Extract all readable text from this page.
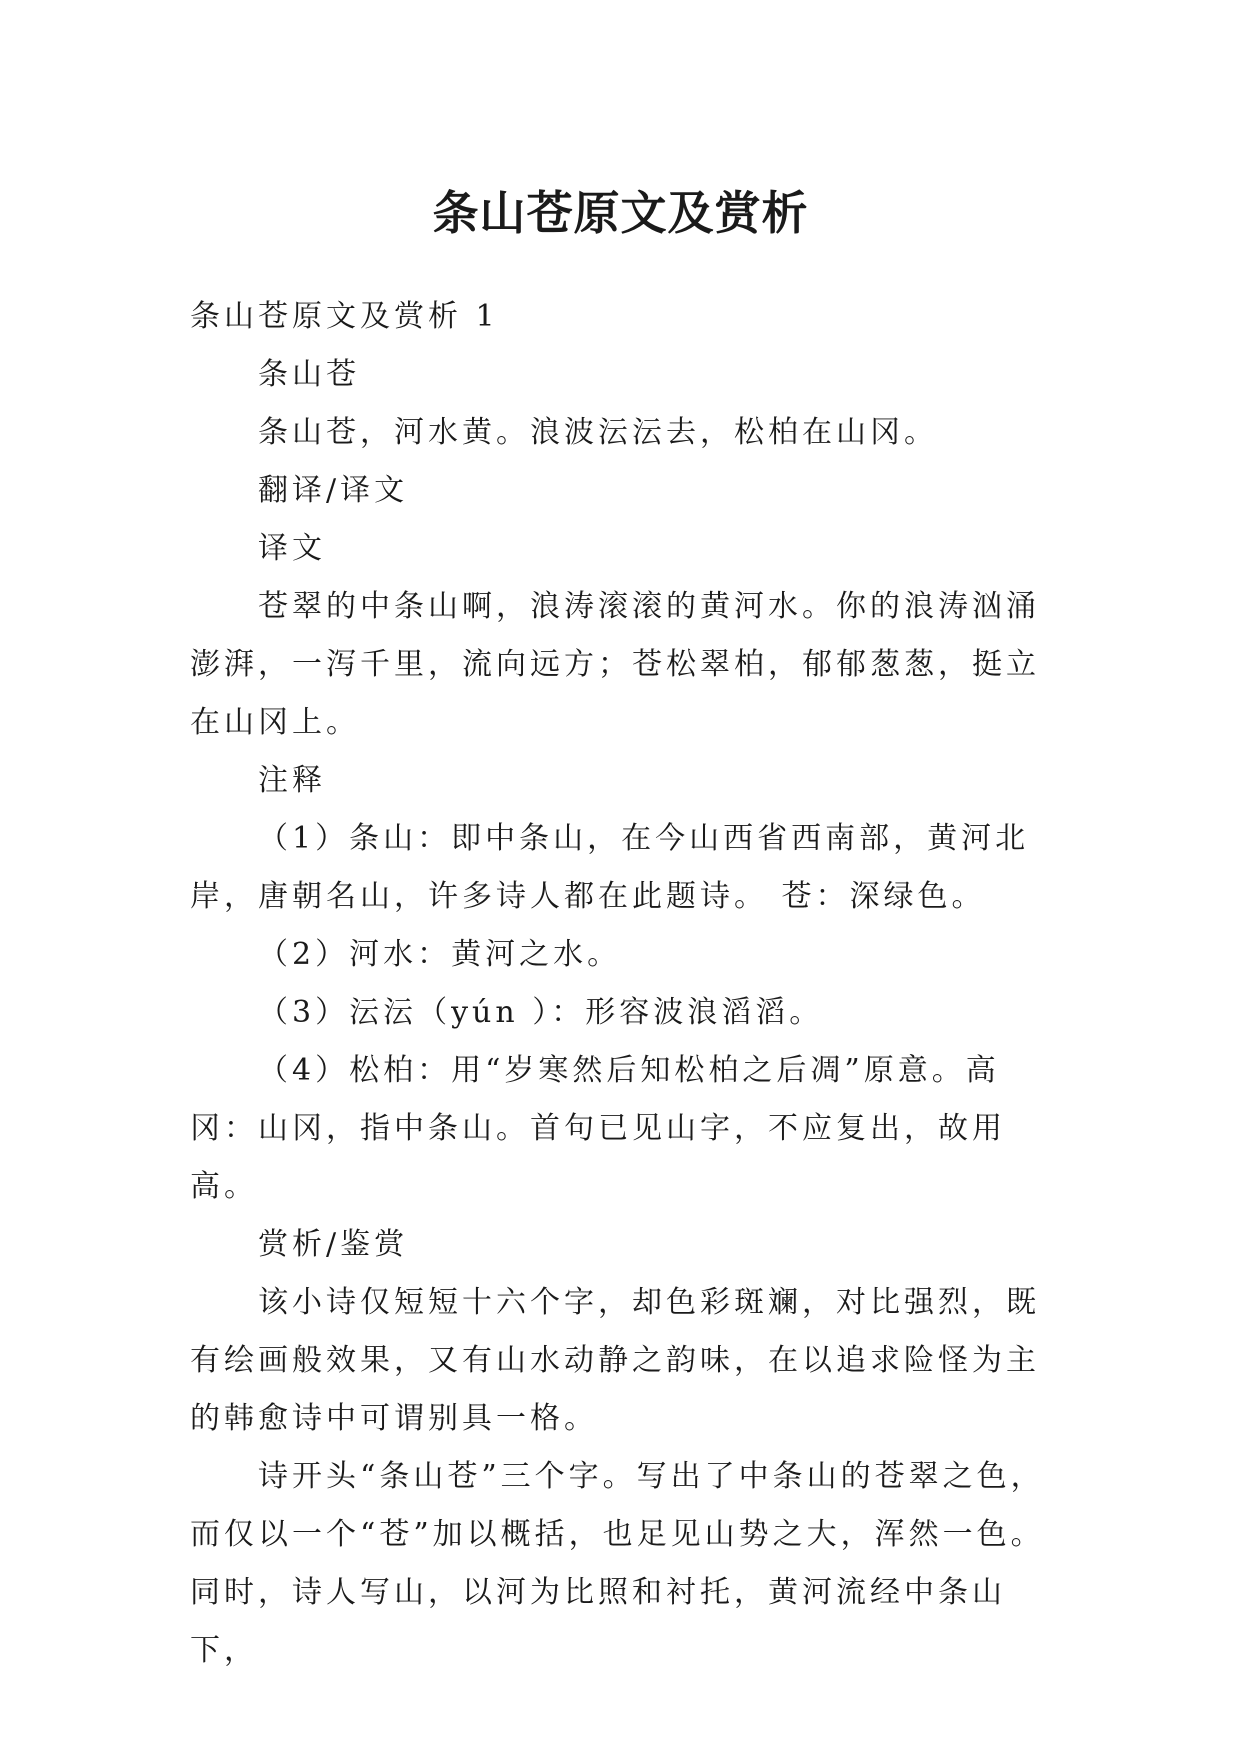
条山苍原文及赏析

条山苍原文及赏析 1

条山苍

条山苍，河水黄。浪波沄沄去，松柏在山冈。

翻译/译文

译文

苍翠的中条山啊，浪涛滚滚的黄河水。你的浪涛汹涌澎湃，一泻千里，流向远方；苍松翠柏，郁郁葱葱，挺立在山冈上。

注释

（1）条山：即中条山，在今山西省西南部，黄河北岸，唐朝名山，许多诗人都在此题诗。 苍：深绿色。

（2）河水：黄河之水。

（3）沄沄（yún ）：形容波浪滔滔。

（4）松柏：用“岁寒然后知松柏之后凋”原意。高冈：山冈，指中条山。首句已见山字，不应复出，故用高。

赏析/鉴赏

该小诗仅短短十六个字，却色彩斑斓，对比强烈，既有绘画般效果，又有山水动静之韵味，在以追求险怪为主的韩愈诗中可谓别具一格。

诗开头“条山苍”三个字。写出了中条山的苍翠之色，而仅以一个“苍”加以概括，也足见山势之大，浑然一色。同时，诗人写山，以河为比照和衬托，黄河流经中条山下，
